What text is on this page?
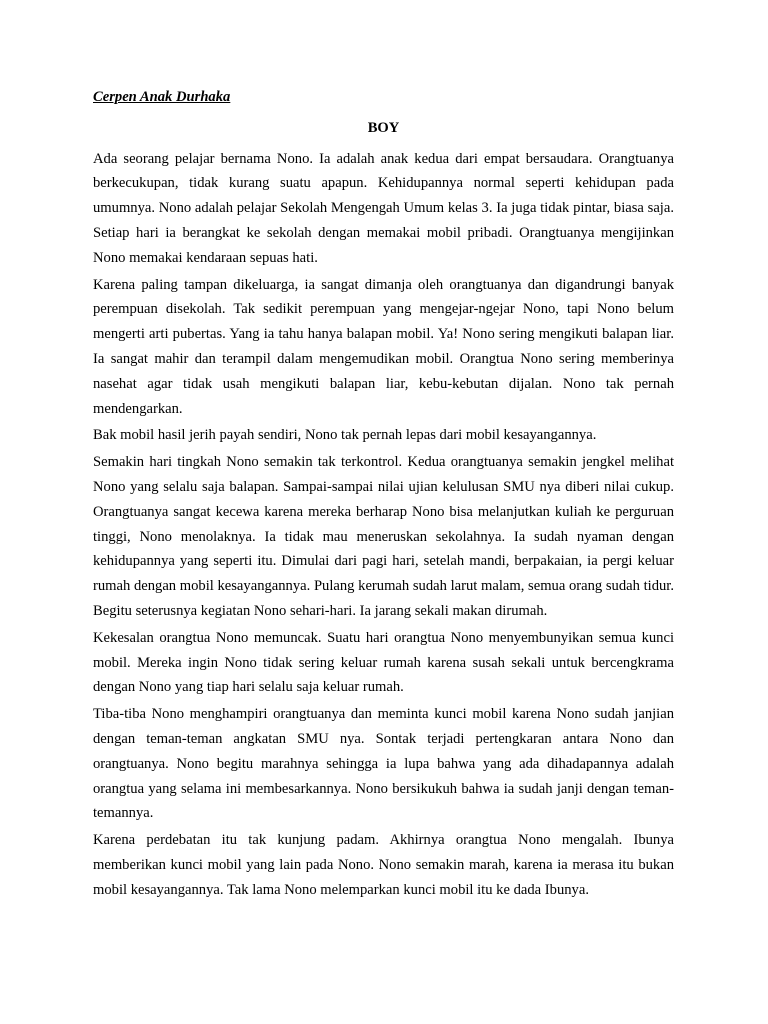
Cerpen Anak Durhaka

BOY

Ada seorang pelajar bernama Nono. Ia adalah anak kedua dari empat bersaudara. Orangtuanya berkecukupan, tidak kurang suatu apapun. Kehidupannya normal seperti kehidupan pada umumnya. Nono adalah pelajar Sekolah Mengengah Umum kelas 3. Ia juga tidak pintar, biasa saja. Setiap hari ia berangkat ke sekolah dengan memakai mobil pribadi. Orangtuanya mengijinkan Nono memakai kendaraan sepuas hati.

Karena paling tampan dikeluarga, ia sangat dimanja oleh orangtuanya dan digandrungi banyak perempuan disekolah. Tak sedikit perempuan yang mengejar-ngejar Nono, tapi Nono belum mengerti arti pubertas. Yang ia tahu hanya balapan mobil. Ya! Nono sering mengikuti balapan liar. Ia sangat mahir dan terampil dalam mengemudikan mobil. Orangtua Nono sering memberinya nasehat agar tidak usah mengikuti balapan liar, kebu-kebutan dijalan. Nono tak pernah mendengarkan.

Bak mobil hasil jerih payah sendiri, Nono tak pernah lepas dari mobil kesayangannya.

Semakin hari tingkah Nono semakin tak terkontrol. Kedua orangtuanya semakin jengkel melihat Nono yang selalu saja balapan. Sampai-sampai nilai ujian kelulusan SMU nya diberi nilai cukup. Orangtuanya sangat kecewa karena mereka berharap Nono bisa melanjutkan kuliah ke perguruan tinggi, Nono menolaknya. Ia tidak mau meneruskan sekolahnya. Ia sudah nyaman dengan kehidupannya yang seperti itu. Dimulai dari pagi hari, setelah mandi, berpakaian, ia pergi keluar rumah dengan mobil kesayangannya. Pulang kerumah sudah larut malam, semua orang sudah tidur. Begitu seterusnya kegiatan Nono sehari-hari. Ia jarang sekali makan dirumah.

Kekesalan orangtua Nono memuncak. Suatu hari orangtua Nono menyembunyikan semua kunci mobil. Mereka ingin Nono tidak sering keluar rumah karena susah sekali untuk bercengkrama dengan Nono yang tiap hari selalu saja keluar rumah.

Tiba-tiba Nono menghampiri orangtuanya dan meminta kunci mobil karena Nono sudah janjian dengan teman-teman angkatan SMU nya. Sontak terjadi pertengkaran antara Nono dan orangtuanya. Nono begitu marahnya sehingga ia lupa bahwa yang ada dihadapannya adalah orangtua yang selama ini membesarkannya. Nono bersikukuh bahwa ia sudah janji dengan teman-temannya.

Karena perdebatan itu tak kunjung padam. Akhirnya orangtua Nono mengalah. Ibunya memberikan kunci mobil yang lain pada Nono. Nono semakin marah, karena ia merasa itu bukan mobil kesayangannya. Tak lama Nono melemparkan kunci mobil itu ke dada Ibunya.
